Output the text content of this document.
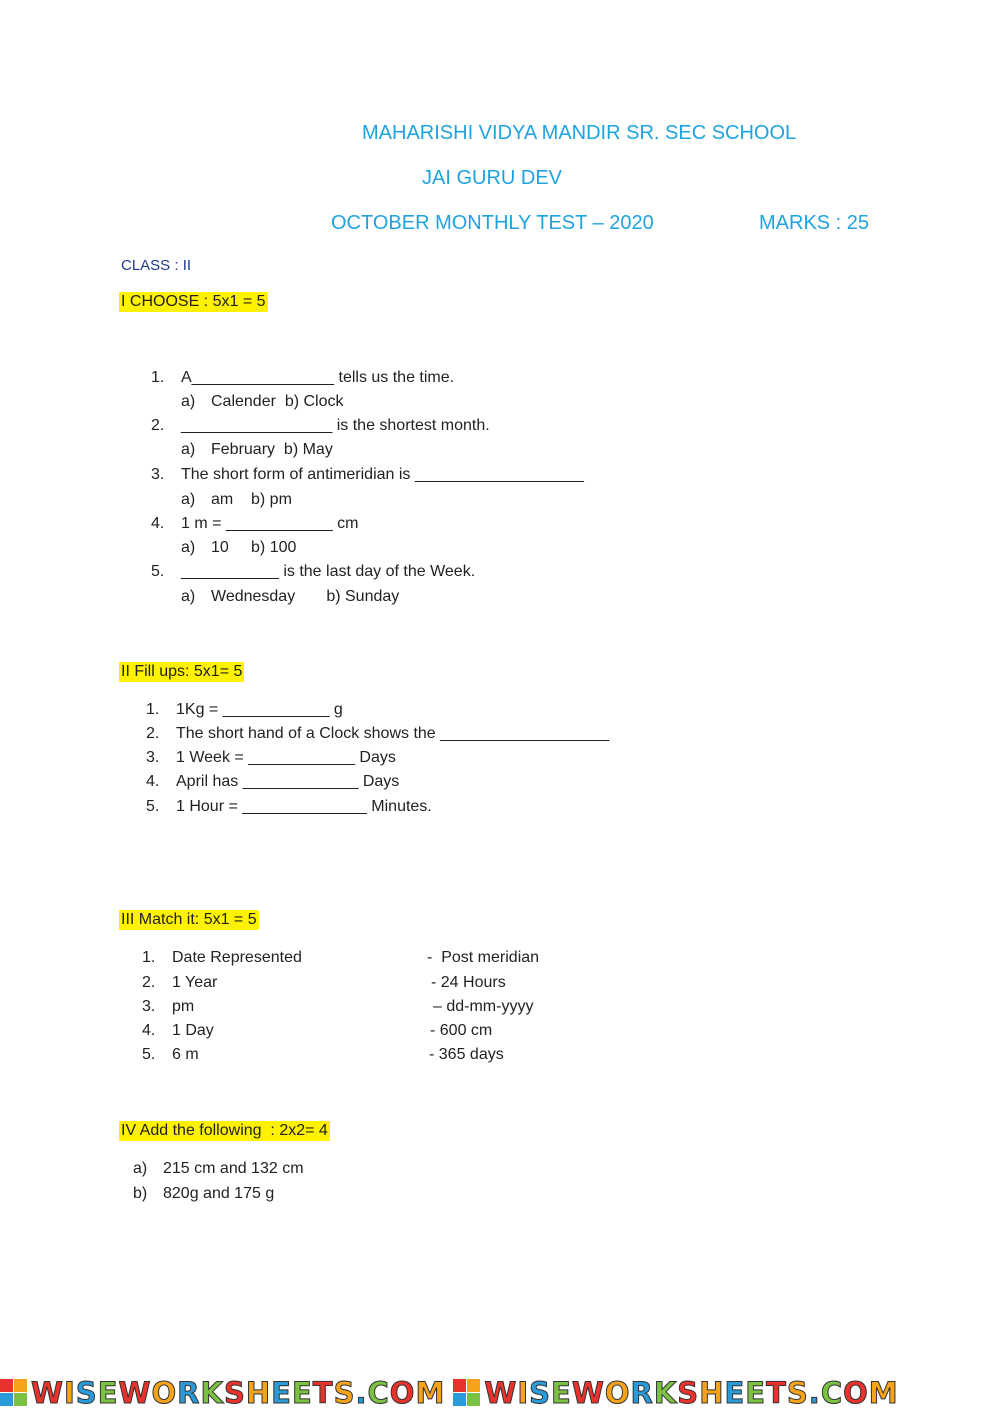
MAHARISHI VIDYA MANDIR SR. SEC SCHOOL
JAI GURU DEV
OCTOBER MONTHLY TEST – 2020	MARKS : 25
CLASS : II
I CHOOSE : 5x1 = 5
1. A________________ tells us the time.
a) Calender  b) Clock
2. _________________ is the shortest month.
a) February  b) May
3. The short form of antimeridian is ___________________
a) am    b) pm
4. 1 m = ____________ cm
a) 10     b) 100
5. ___________ is the last day of the Week.
a) Wednesday       b) Sunday
II Fill ups: 5x1= 5
1. 1Kg = ____________ g
2. The short hand of a Clock shows the ___________________
3. 1 Week = ____________ Days
4. April has _____________ Days
5. 1 Hour = ______________ Minutes.
III Match it: 5x1 = 5
1. Date Represented	-  Post meridian
2. 1 Year	- 24 Hours
3. pm	– dd-mm-yyyy
4. 1 Day	- 600 cm
5. 6 m	- 365 days
IV Add the following  : 2x2= 4
a) 215 cm and 132 cm
b) 820g and 175 g
WISEWORKSHEETS.COM WISEWORKSHEETS.COM
